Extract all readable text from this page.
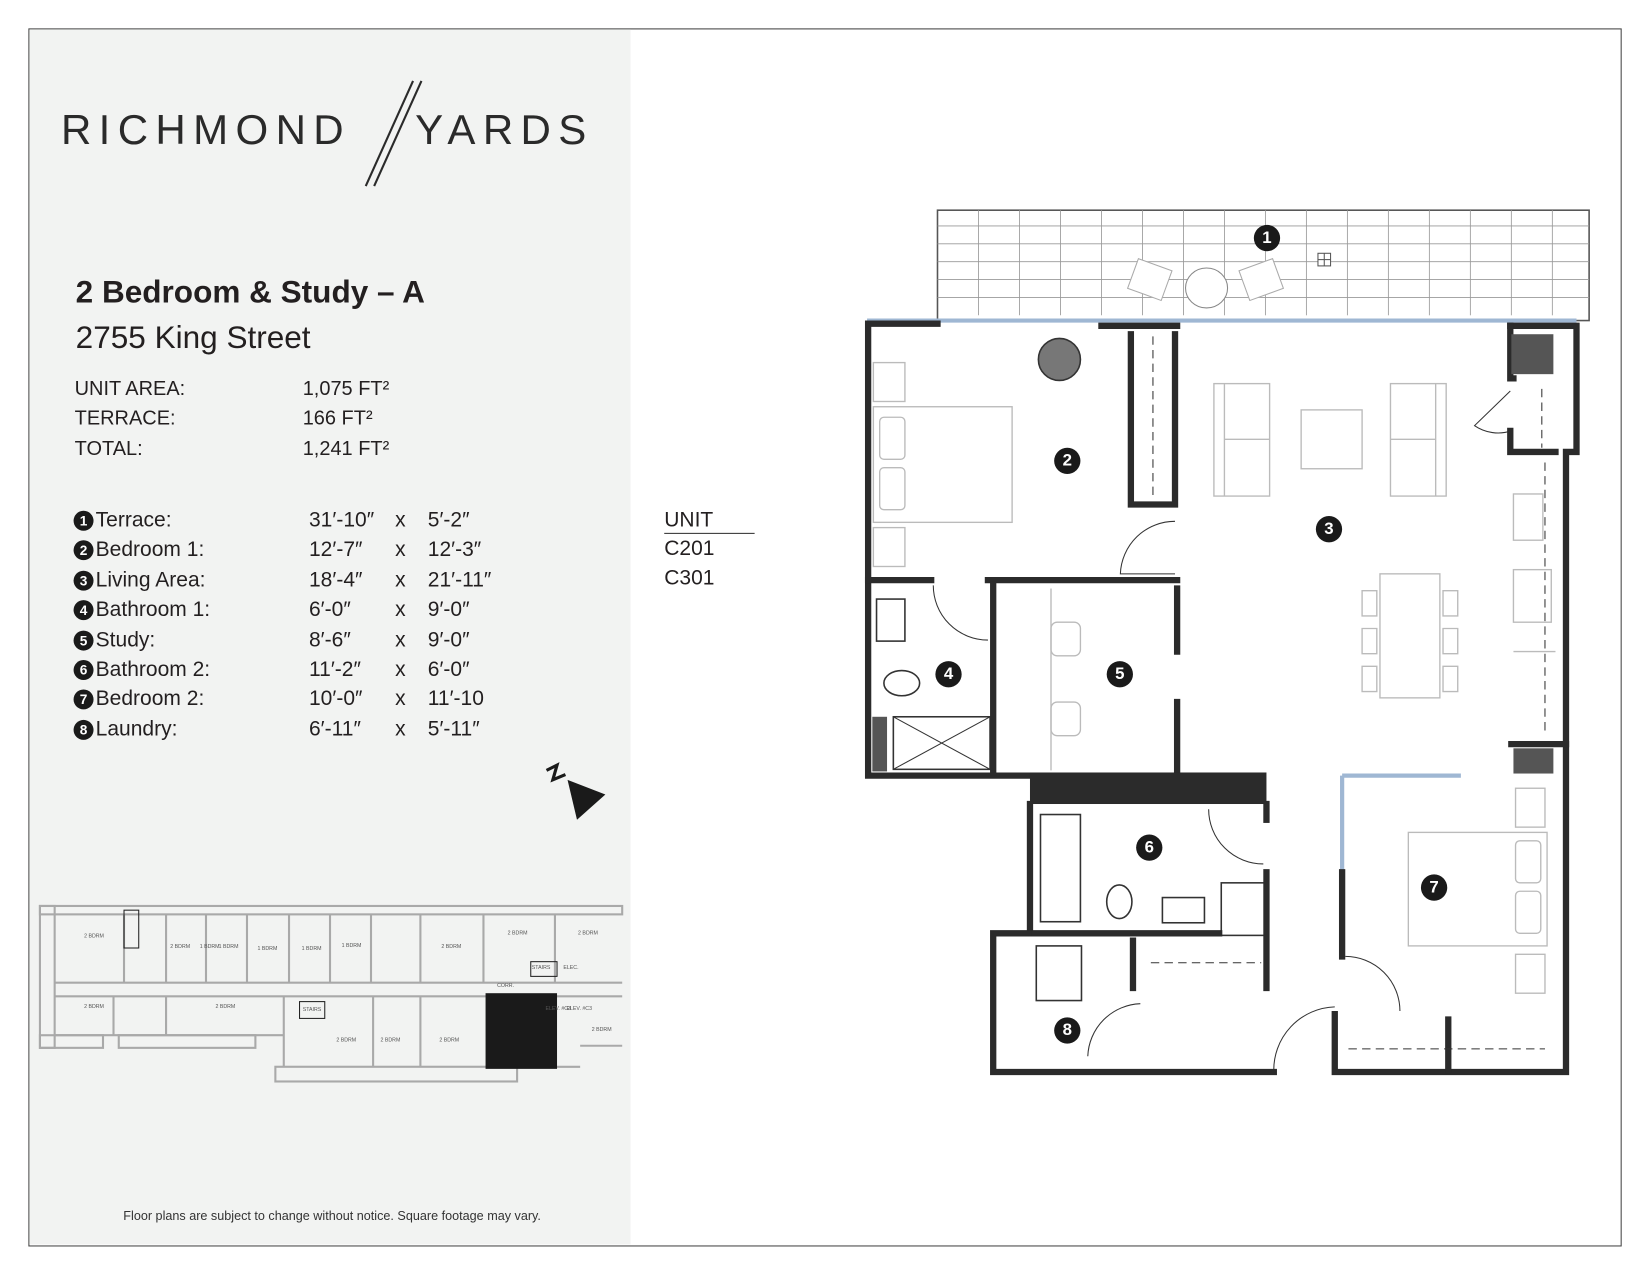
RICHMOND YARDS
2 Bedroom & Study – A
2755 King Street
UNIT AREA:	1,075 FT²
TERRACE:	166 FT²
TOTAL:	1,241 FT²
1 Terrace:	31′-10″ x 5′-2″
2 Bedroom 1:	12′-7″ x 12′-3″
3 Living Area:	18′-4″ x 21′-11″
4 Bathroom 1:	6′-0″ x 9′-0″
5 Study:	8′-6″ x 9′-0″
6 Bathroom 2:	11′-2″ x 6′-0″
7 Bedroom 2:	10′-0″ x 11′-10
8 Laundry:	6′-11″ x 5′-11″
UNIT
C201
C301
2 BDRM
2 BDRM
1 BDRM 1 BDRM	1 BDRM	1 BDRM
1 BDRM
2 BDRM
2 BDRM
2 BDRM
2 BDRM	2 BDRM
2 BDRM	2 BDRM	2 BDRM
2 BDRM
CORR.
ELEC.
STAIRS
STAIRS	ELEV. #C3
ELEV. #C3
Floor plans are subject to change without notice. Square footage may vary.
1
2
3
4	5
6
7
8
